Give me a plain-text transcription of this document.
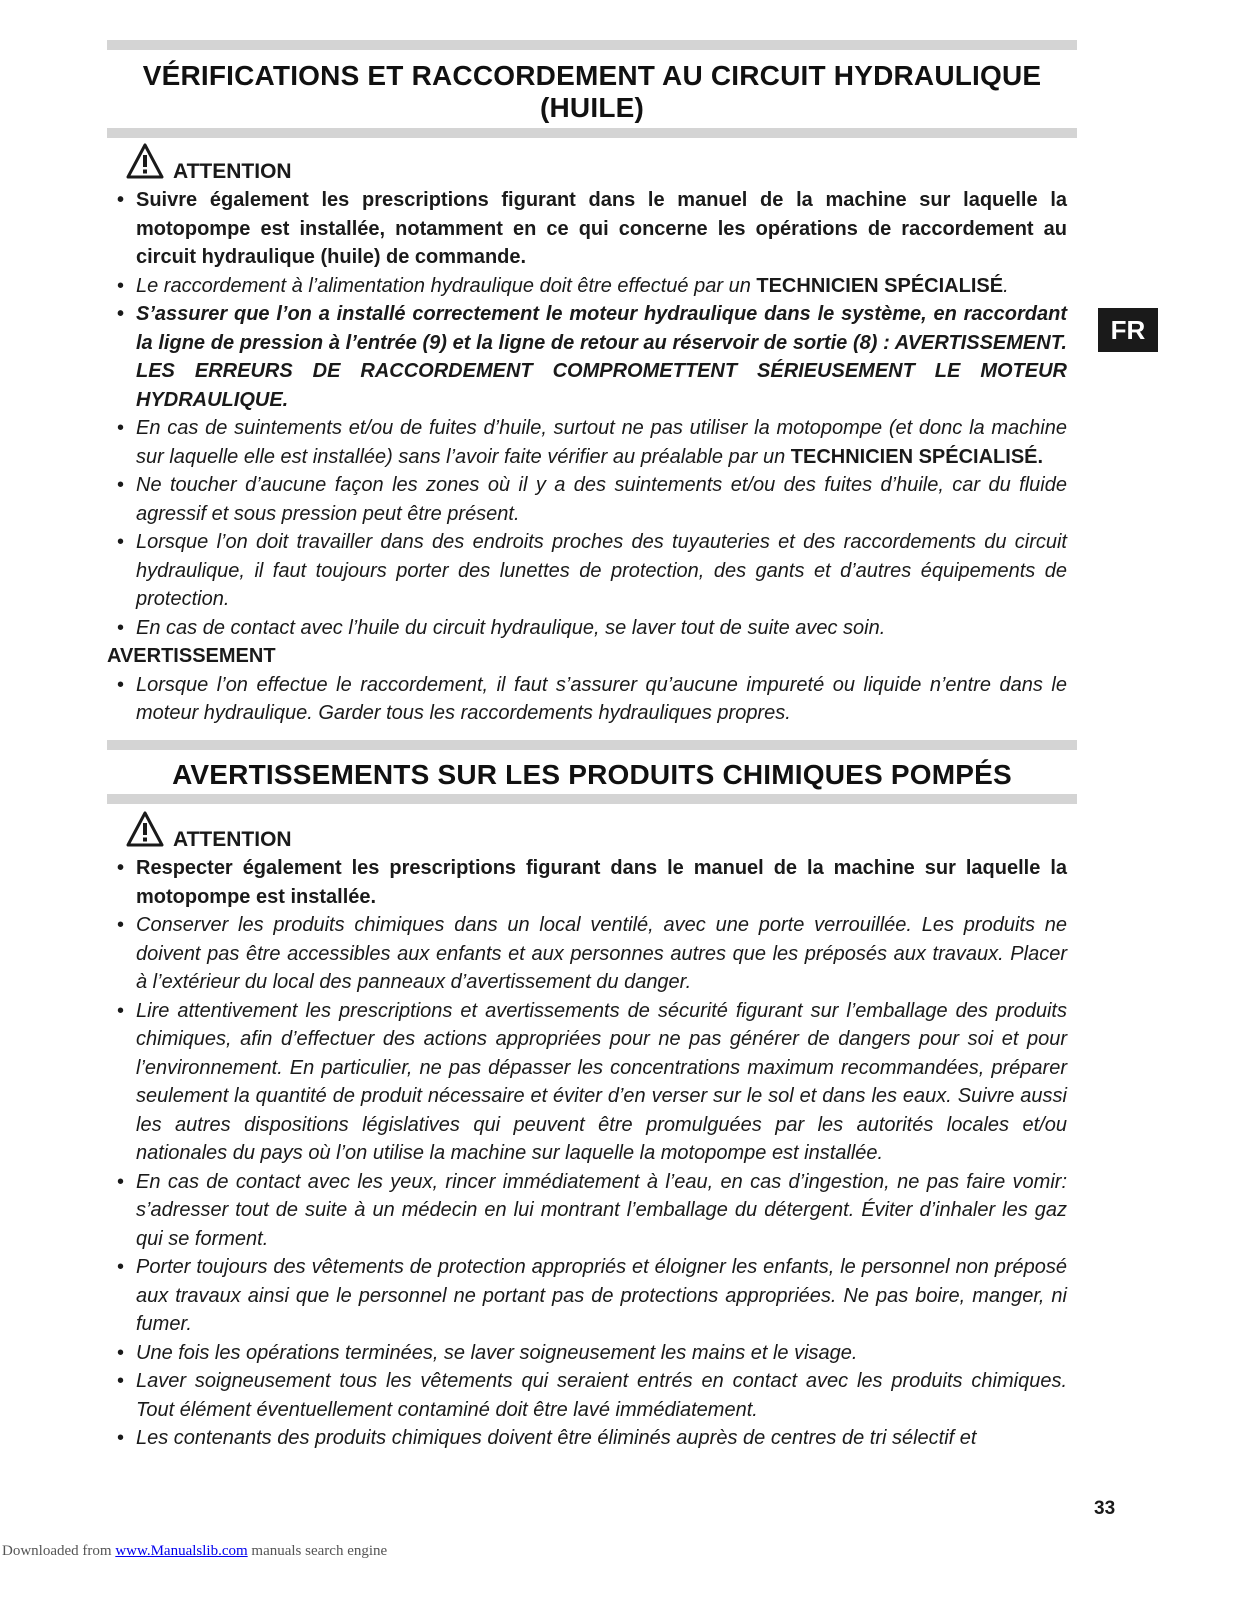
VÉRIFICATIONS ET RACCORDEMENT AU CIRCUIT HYDRAULIQUE
(HUILE)
ATTENTION
• Suivre également les prescriptions figurant dans le manuel de la machine sur laquelle la motopompe est installée, notamment en ce qui concerne les opérations de raccordement au circuit hydraulique (huile) de commande.
• Le raccordement à l’alimentation hydraulique doit être effectué par un TECHNICIEN SPÉCIALISÉ.
• S’assurer que l’on a installé correctement le moteur hydraulique dans le système, en raccordant la ligne de pression à l’entrée (9) et la ligne de retour au réservoir de sortie (8) : AVERTISSEMENT. LES ERREURS DE RACCORDEMENT COMPROMETTENT SÉRIEUSEMENT LE MOTEUR HYDRAULIQUE.
• En cas de suintements et/ou de fuites d’huile, surtout ne pas utiliser la motopompe (et donc la machine sur laquelle elle est installée) sans l’avoir faite vérifier au préalable par un TECHNICIEN SPÉCIALISÉ.
• Ne toucher d’aucune façon les zones où il y a des suintements et/ou des fuites d’huile, car du fluide agressif et sous pression peut être présent.
• Lorsque l’on doit travailler dans des endroits proches des tuyauteries et des raccordements du circuit hydraulique, il faut toujours porter des lunettes de protection, des gants et d’autres équipements de protection.
• En cas de contact avec l’huile du circuit hydraulique, se laver tout de suite avec soin.

AVERTISSEMENT

• Lorsque l’on effectue le raccordement, il faut s’assurer qu’aucune impureté ou liquide n’entre dans le moteur hydraulique. Garder tous les raccordements hydrauliques propres.
AVERTISSEMENTS SUR LES PRODUITS CHIMIQUES POMPÉS
ATTENTION
• Respecter également les prescriptions figurant dans le manuel de la machine sur laquelle la motopompe est installée.
• Conserver les produits chimiques dans un local ventilé, avec une porte verrouillée. Les produits ne doivent pas être accessibles aux enfants et aux personnes autres que les préposés aux travaux. Placer à l’extérieur du local des panneaux d’avertissement du danger.
• Lire attentivement les prescriptions et avertissements de sécurité figurant sur l’emballage des produits chimiques, afin d’effectuer des actions appropriées pour ne pas générer de dangers pour soi et pour l’environnement. En particulier, ne pas dépasser les concentrations maximum recommandées, préparer seulement la quantité de produit nécessaire et éviter d’en verser sur le sol et dans les eaux. Suivre aussi les autres dispositions législatives qui peuvent être promulguées par les autorités locales et/ou nationales du pays où l’on utilise la machine sur laquelle la motopompe est installée.
• En cas de contact avec les yeux, rincer immédiatement à l’eau, en cas d’ingestion, ne pas faire vomir: s’adresser tout de suite à un médecin en lui montrant l’emballage du détergent. Éviter d’inhaler les gaz qui se forment.
• Porter toujours des vêtements de protection appropriés et éloigner les enfants, le personnel non préposé aux travaux ainsi que le personnel ne portant pas de protections appropriées. Ne pas boire, manger, ni fumer.
• Une fois les opérations terminées, se laver soigneusement les mains et le visage.
• Laver soigneusement tous les vêtements qui seraient entrés en contact avec les produits chimiques. Tout élément éventuellement contaminé doit être lavé immédiatement.
• Les contenants des produits chimiques doivent être éliminés auprès de centres de tri sélectif et
FR
33
Downloaded from www.Manualslib.com manuals search engine
